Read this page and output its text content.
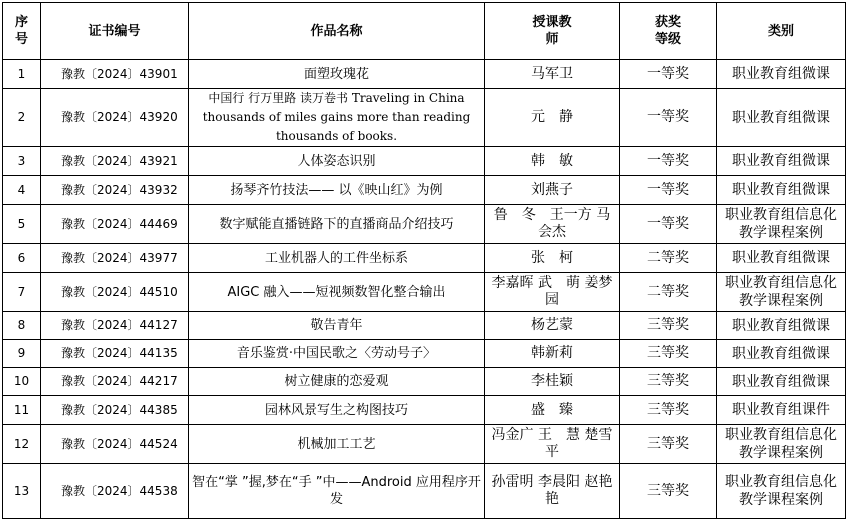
序号	证书编号	作品名称	授课教师	获奖等级	类别
1	豫教〔2024〕43901	面塑玫瑰花	马军卫	一等奖	职业教育组微课
2	豫教〔2024〕43920	中国行 行万里路 读万卷书 Traveling in China thousands of miles gains more than reading thousands of books.	元　静	一等奖	职业教育组微课
3	豫教〔2024〕43921	人体姿态识别	韩　敏	一等奖	职业教育组微课
4	豫教〔2024〕43932	扬琴齐竹技法—— 以《映山红》为例	刘燕子	一等奖	职业教育组微课
5	豫教〔2024〕44469	数字赋能直播链路下的直播商品介绍技巧	鲁　冬　王一方 马会杰	一等奖	职业教育组信息化教学课程案例
6	豫教〔2024〕43977	工业机器人的工件坐标系	张　柯	二等奖	职业教育组微课
7	豫教〔2024〕44510	AIGC 融入——短视频数智化整合输出	李嘉晖 武　萌 姜梦园	二等奖	职业教育组信息化教学课程案例
8	豫教〔2024〕44127	敬告青年	杨艺蒙	三等奖	职业教育组微课
9	豫教〔2024〕44135	音乐鉴赏·中国民歌之〈劳动号子〉	韩新莉	三等奖	职业教育组微课
10	豫教〔2024〕44217	树立健康的恋爱观	李桂颖	三等奖	职业教育组微课
11	豫教〔2024〕44385	园林风景写生之构图技巧	盛　臻	三等奖	职业教育组课件
12	豫教〔2024〕44524	机械加工工艺	冯金广 王　慧 楚雪平	三等奖	职业教育组信息化教学课程案例
13	豫教〔2024〕44538	智在“掌 ”握,梦在“手 ”中——Android 应用程序开发	孙雷明 李晨阳 赵艳艳	三等奖	职业教育组信息化教学课程案例
